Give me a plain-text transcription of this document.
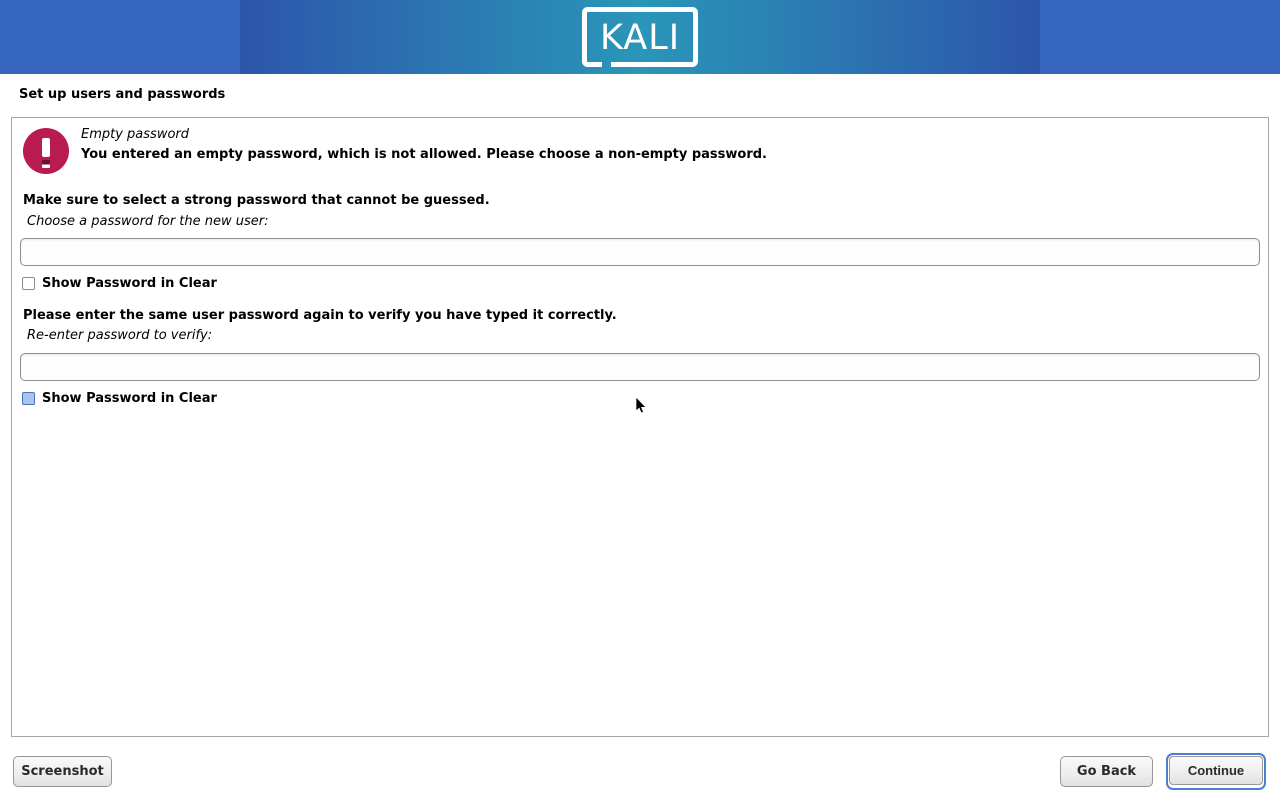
KALI
Set up users and passwords
Empty password
You entered an empty password, which is not allowed. Please choose a non-empty password.
Make sure to select a strong password that cannot be guessed.
Choose a password for the new user:
Show Password in Clear
Please enter the same user password again to verify you have typed it correctly.
Re-enter password to verify:
Show Password in Clear
Screenshot	Go Back	Continue
